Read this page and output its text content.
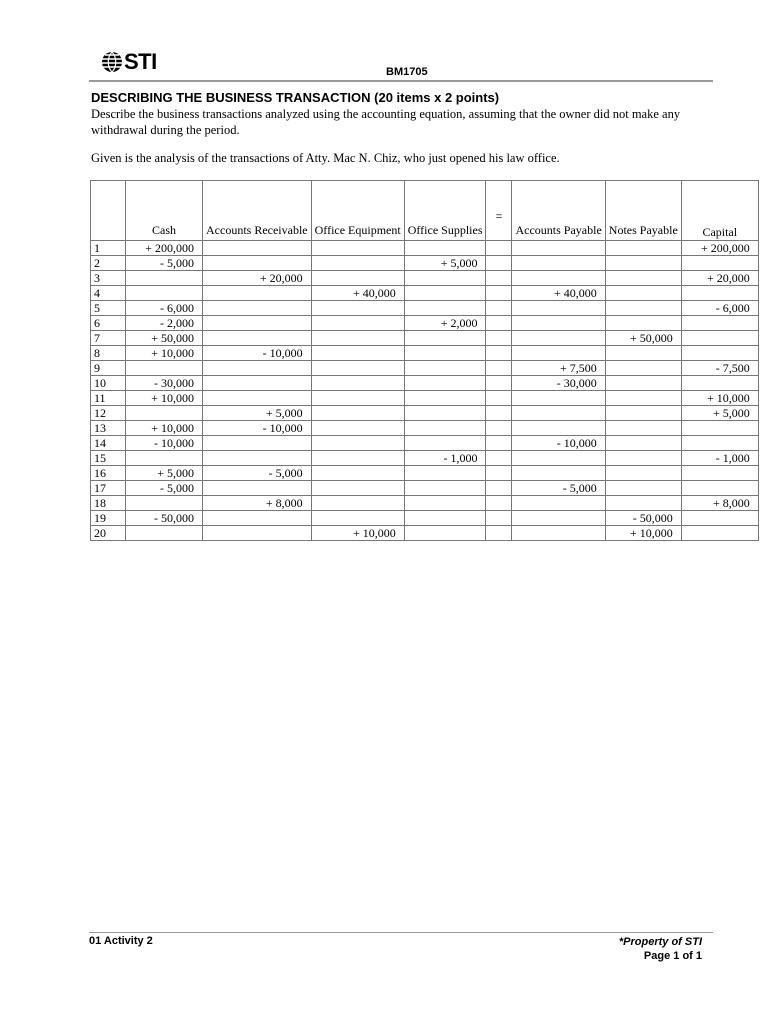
STI	BM1705
DESCRIBING THE BUSINESS TRANSACTION (20 items x 2 points)
Describe the business transactions analyzed using the accounting equation, assuming that the owner did not make any withdrawal during the period.
Given is the analysis of the transactions of Atty. Mac N. Chiz, who just opened his law office.
	Cash	Accounts Receivable	Office Equipment	Office Supplies	=	Accounts Payable	Notes Payable	Capital
1	+ 200,000							+ 200,000
2	- 5,000			+ 5,000				
3		+ 20,000						+ 20,000
4			+ 40,000			+ 40,000		
5	- 6,000							- 6,000
6	- 2,000			+ 2,000				
7	+ 50,000						+ 50,000	
8	+ 10,000	- 10,000						
9						+ 7,500		- 7,500
10	- 30,000					- 30,000		
11	+ 10,000							+ 10,000
12		+ 5,000						+ 5,000
13	+ 10,000	- 10,000						
14	- 10,000					- 10,000		
15				- 1,000				- 1,000
16	+ 5,000	- 5,000						
17	- 5,000					- 5,000		
18		+ 8,000						+ 8,000
19	- 50,000						- 50,000	
20			+ 10,000				+ 10,000	
01 Activity 2	*Property of STI
Page 1 of 1
